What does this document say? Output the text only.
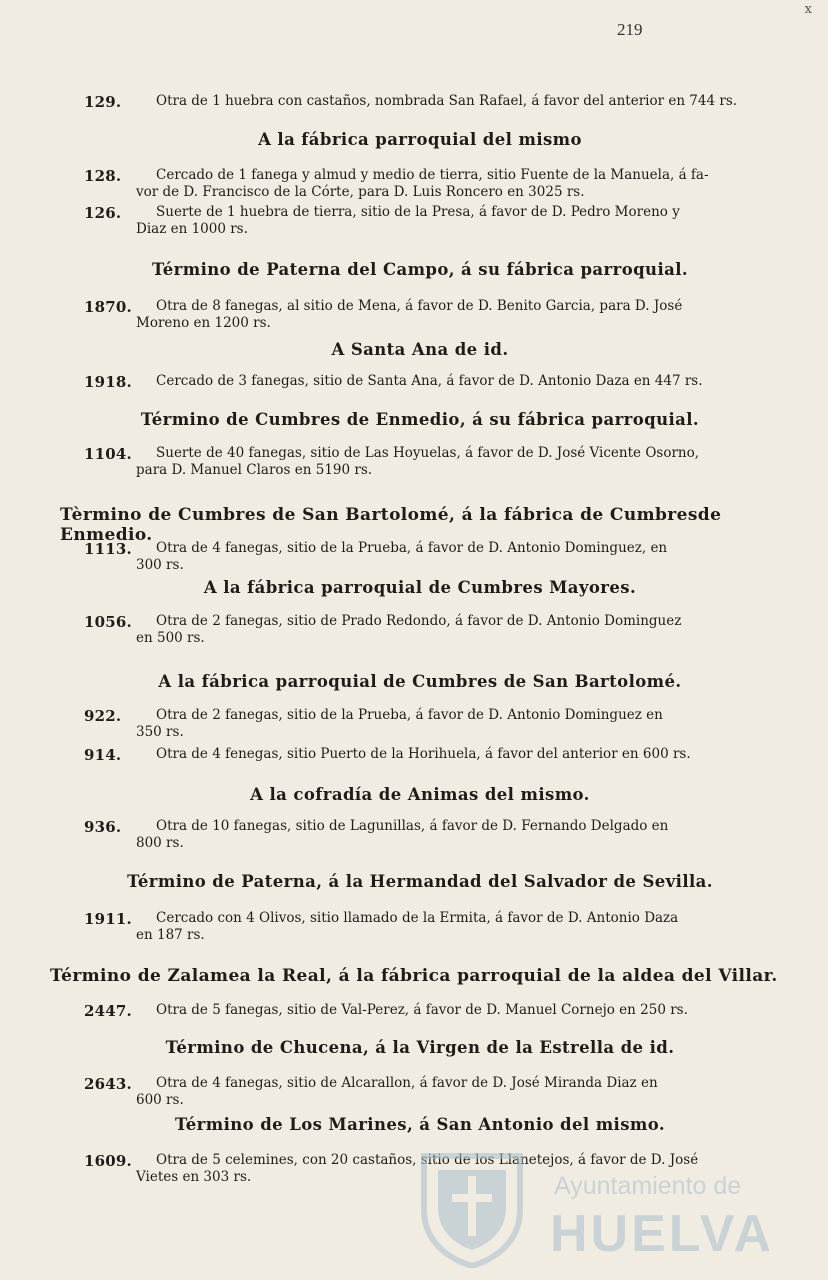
x
219
129.	Otra de 1 huebra con castaños, nombrada San Rafael, á favor del anterior en 744 rs.
A la fábrica parroquial del mismo
128.	Cercado de 1 fanega y almud y medio de tierra, sitio Fuente de la Manuela, á fa-
vor de D. Francisco de la Córte, para D. Luis Roncero en 3025 rs.
126.	Suerte de 1 huebra de tierra, sitio de la Presa, á favor de D. Pedro Moreno y
Diaz en 1000 rs.
Término de Paterna del Campo, á su fábrica parroquial.
1870.	Otra de 8 fanegas, al sitio de Mena, á favor de D. Benito Garcia, para D. José
Moreno en 1200 rs.
A Santa Ana de id.
1918.	Cercado de 3 fanegas, sitio de Santa Ana, á favor de D. Antonio Daza en 447 rs.
Término de Cumbres de Enmedio, á su fábrica parroquial.
1104.	Suerte de 40 fanegas, sitio de Las Hoyuelas, á favor de D. José Vicente Osorno,
para D. Manuel Claros en 5190 rs.
Tèrmino de Cumbres de San Bartolomé, á la fábrica de Cumbresde Enmedio.
1113.	Otra de 4 fanegas, sitio de la Prueba, á favor de D. Antonio Dominguez, en
300 rs.
A la fábrica parroquial de Cumbres Mayores.
1056.	Otra de 2 fanegas, sitio de Prado Redondo, á favor de D. Antonio Dominguez
en 500 rs.
A la fábrica parroquial de Cumbres de San Bartolomé.
922.	Otra de 2 fanegas, sitio de la Prueba, á favor de D. Antonio Dominguez en
350 rs.
914.	Otra de 4 fenegas, sitio Puerto de la Horihuela, á favor del anterior en 600 rs.
A la cofradía de Animas del mismo.
936.	Otra de 10 fanegas, sitio de Lagunillas, á favor de D. Fernando Delgado en
800 rs.
Término de Paterna, á la Hermandad del Salvador de Sevilla.
1911.	Cercado con 4 Olivos, sitio llamado de la Ermita, á favor de D. Antonio Daza
en 187 rs.
Término de Zalamea la Real, á la fábrica parroquial de la aldea del Villar.
2447.	Otra de 5 fanegas, sitio de Val-Perez, á favor de D. Manuel Cornejo en 250 rs.
Término de Chucena, á la Virgen de la Estrella de id.
2643.	Otra de 4 fanegas, sitio de Alcarallon, á favor de D. José Miranda Diaz en
600 rs.
Término de Los Marines, á San Antonio del mismo.
1609.	Otra de 5 celemines, con 20 castaños, sitio de los Llanetejos, á favor de D. José
Vietes en 303 rs.	Ayuntamiento de
HUELVA
